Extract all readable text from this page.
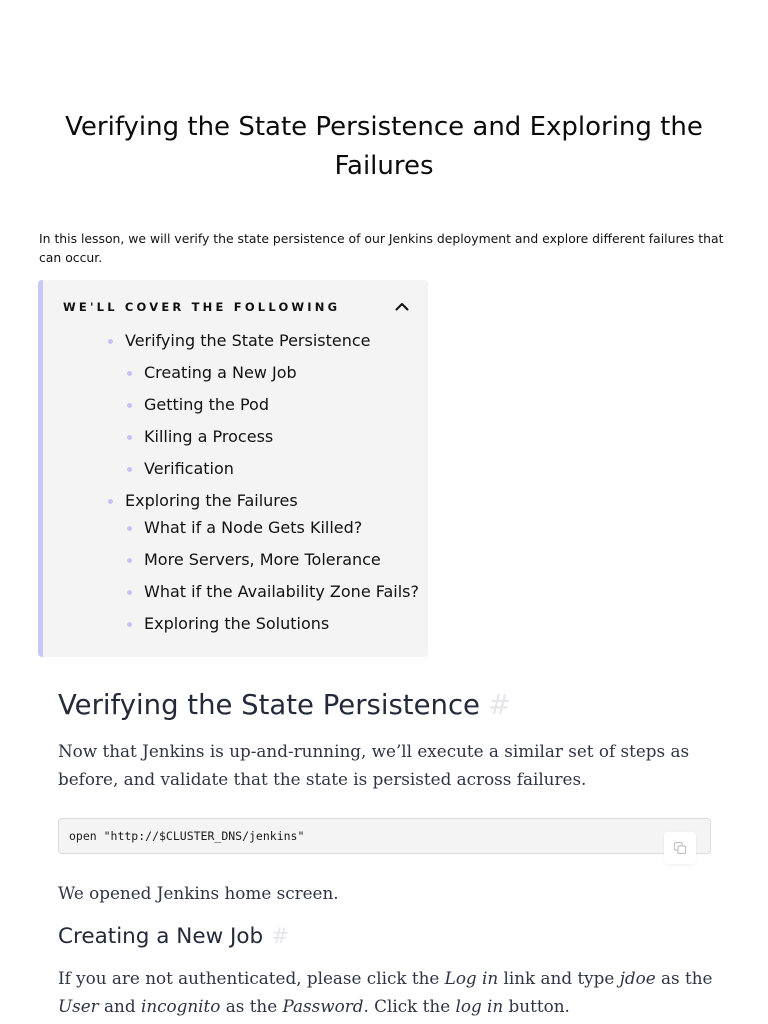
Verifying the State Persistence and Exploring the Failures

In this lesson, we will verify the state persistence of our Jenkins deployment and explore different failures that can occur.

WE'LL COVER THE FOLLOWING
Verifying the State Persistence
Creating a New Job
Getting the Pod
Killing a Process
Verification
Exploring the Failures
What if a Node Gets Killed?
More Servers, More Tolerance
What if the Availability Zone Fails?
Exploring the Solutions
Verifying the State Persistence #

Now that Jenkins is up-and-running, we’ll execute a similar set of steps as before, and validate that the state is persisted across failures.

open "http://$CLUSTER_DNS/jenkins"

We opened Jenkins home screen.

Creating a New Job #

If you are not authenticated, please click the Log in link and type jdoe as the User and incognito as the Password. Click the log in button.
